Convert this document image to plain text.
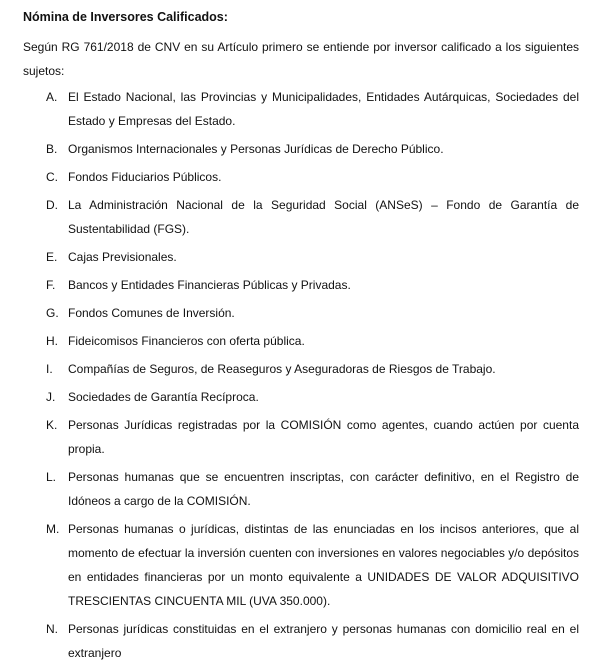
Nómina de Inversores Calificados:

Según RG 761/2018 de CNV en su Artículo primero se entiende por inversor calificado a los siguientes sujetos:

A. El Estado Nacional, las Provincias y Municipalidades, Entidades Autárquicas, Sociedades del Estado y Empresas del Estado.
B. Organismos Internacionales y Personas Jurídicas de Derecho Público.
C. Fondos Fiduciarios Públicos.
D. La Administración Nacional de la Seguridad Social (ANSeS) – Fondo de Garantía de Sustentabilidad (FGS).
E. Cajas Previsionales.
F.	Bancos y Entidades Financieras Públicas y Privadas.
G. Fondos Comunes de Inversión.
H. Fideicomisos Financieros con oferta pública.
I.	Compañías de Seguros, de Reaseguros y Aseguradoras de Riesgos de Trabajo.
J.	Sociedades de Garantía Recíproca.
K. Personas Jurídicas registradas por la COMISIÓN como agentes, cuando actúen por cuenta propia.
L. Personas humanas que se encuentren inscriptas, con carácter definitivo, en el Registro de Idóneos a cargo de la COMISIÓN.
M. Personas humanas o jurídicas, distintas de las enunciadas en los incisos anteriores, que al momento de efectuar la inversión cuenten con inversiones en valores negociables y/o depósitos en entidades financieras por un monto equivalente a UNIDADES DE VALOR ADQUISITIVO TRESCIENTAS CINCUENTA MIL (UVA 350.000).
N. Personas jurídicas constituidas en el extranjero y personas humanas con domicilio real en el extranjero
